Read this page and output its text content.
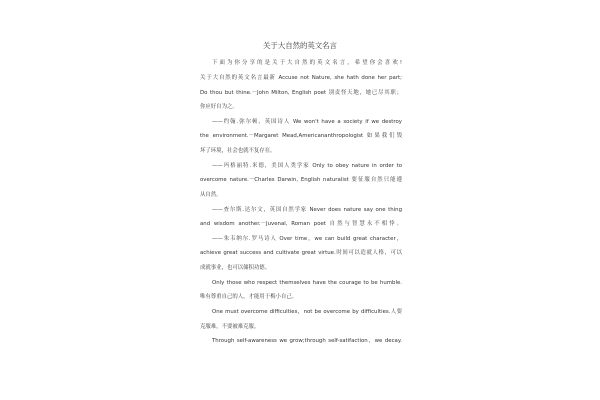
关于大自然的英文名言
下面为你分享的是关于大自然的英文名言，希望你会喜欢!
关于大自然的英文名言最新 Accuse not Nature, she hath done her part;
Do thou but thine.－John Milton, English poet 别责怪天地，她已尽其职；
你应好自为之。
——约翰.弥尔顿，英国诗人 We won't have a society if we destroy
the environment.－Margaret Mead,Americananthropologist 如果我们毁
坏了环境，社会也就不复存在。
——玛格丽特.米德，美国人类学家 Only to obey nature in order to
overcome nature.－Charles Darwin, English naturalist 要征服自然只能遵
从自然。
——查尔斯.达尔文，英国自然学家 Never does nature say one thing
and wisdom another.－Juvenal, Roman poet 自然与智慧永不相悖。
——朱韦纳尔.罗马诗人 Over time，we can build great character，
achieve great success and cultivate great virtue.时间可以造就人格，可以
成就事业，也可以储积功德。
Only those who respect themselves have the courage to be humble.
唯有尊重自己的人，才能用于梅小自己。
One must overcome difficulties，not be overcome by difficulties.人要
克服难，不要被难克服。
Through self-awareness we grow;through self-satifaction，we decay.
